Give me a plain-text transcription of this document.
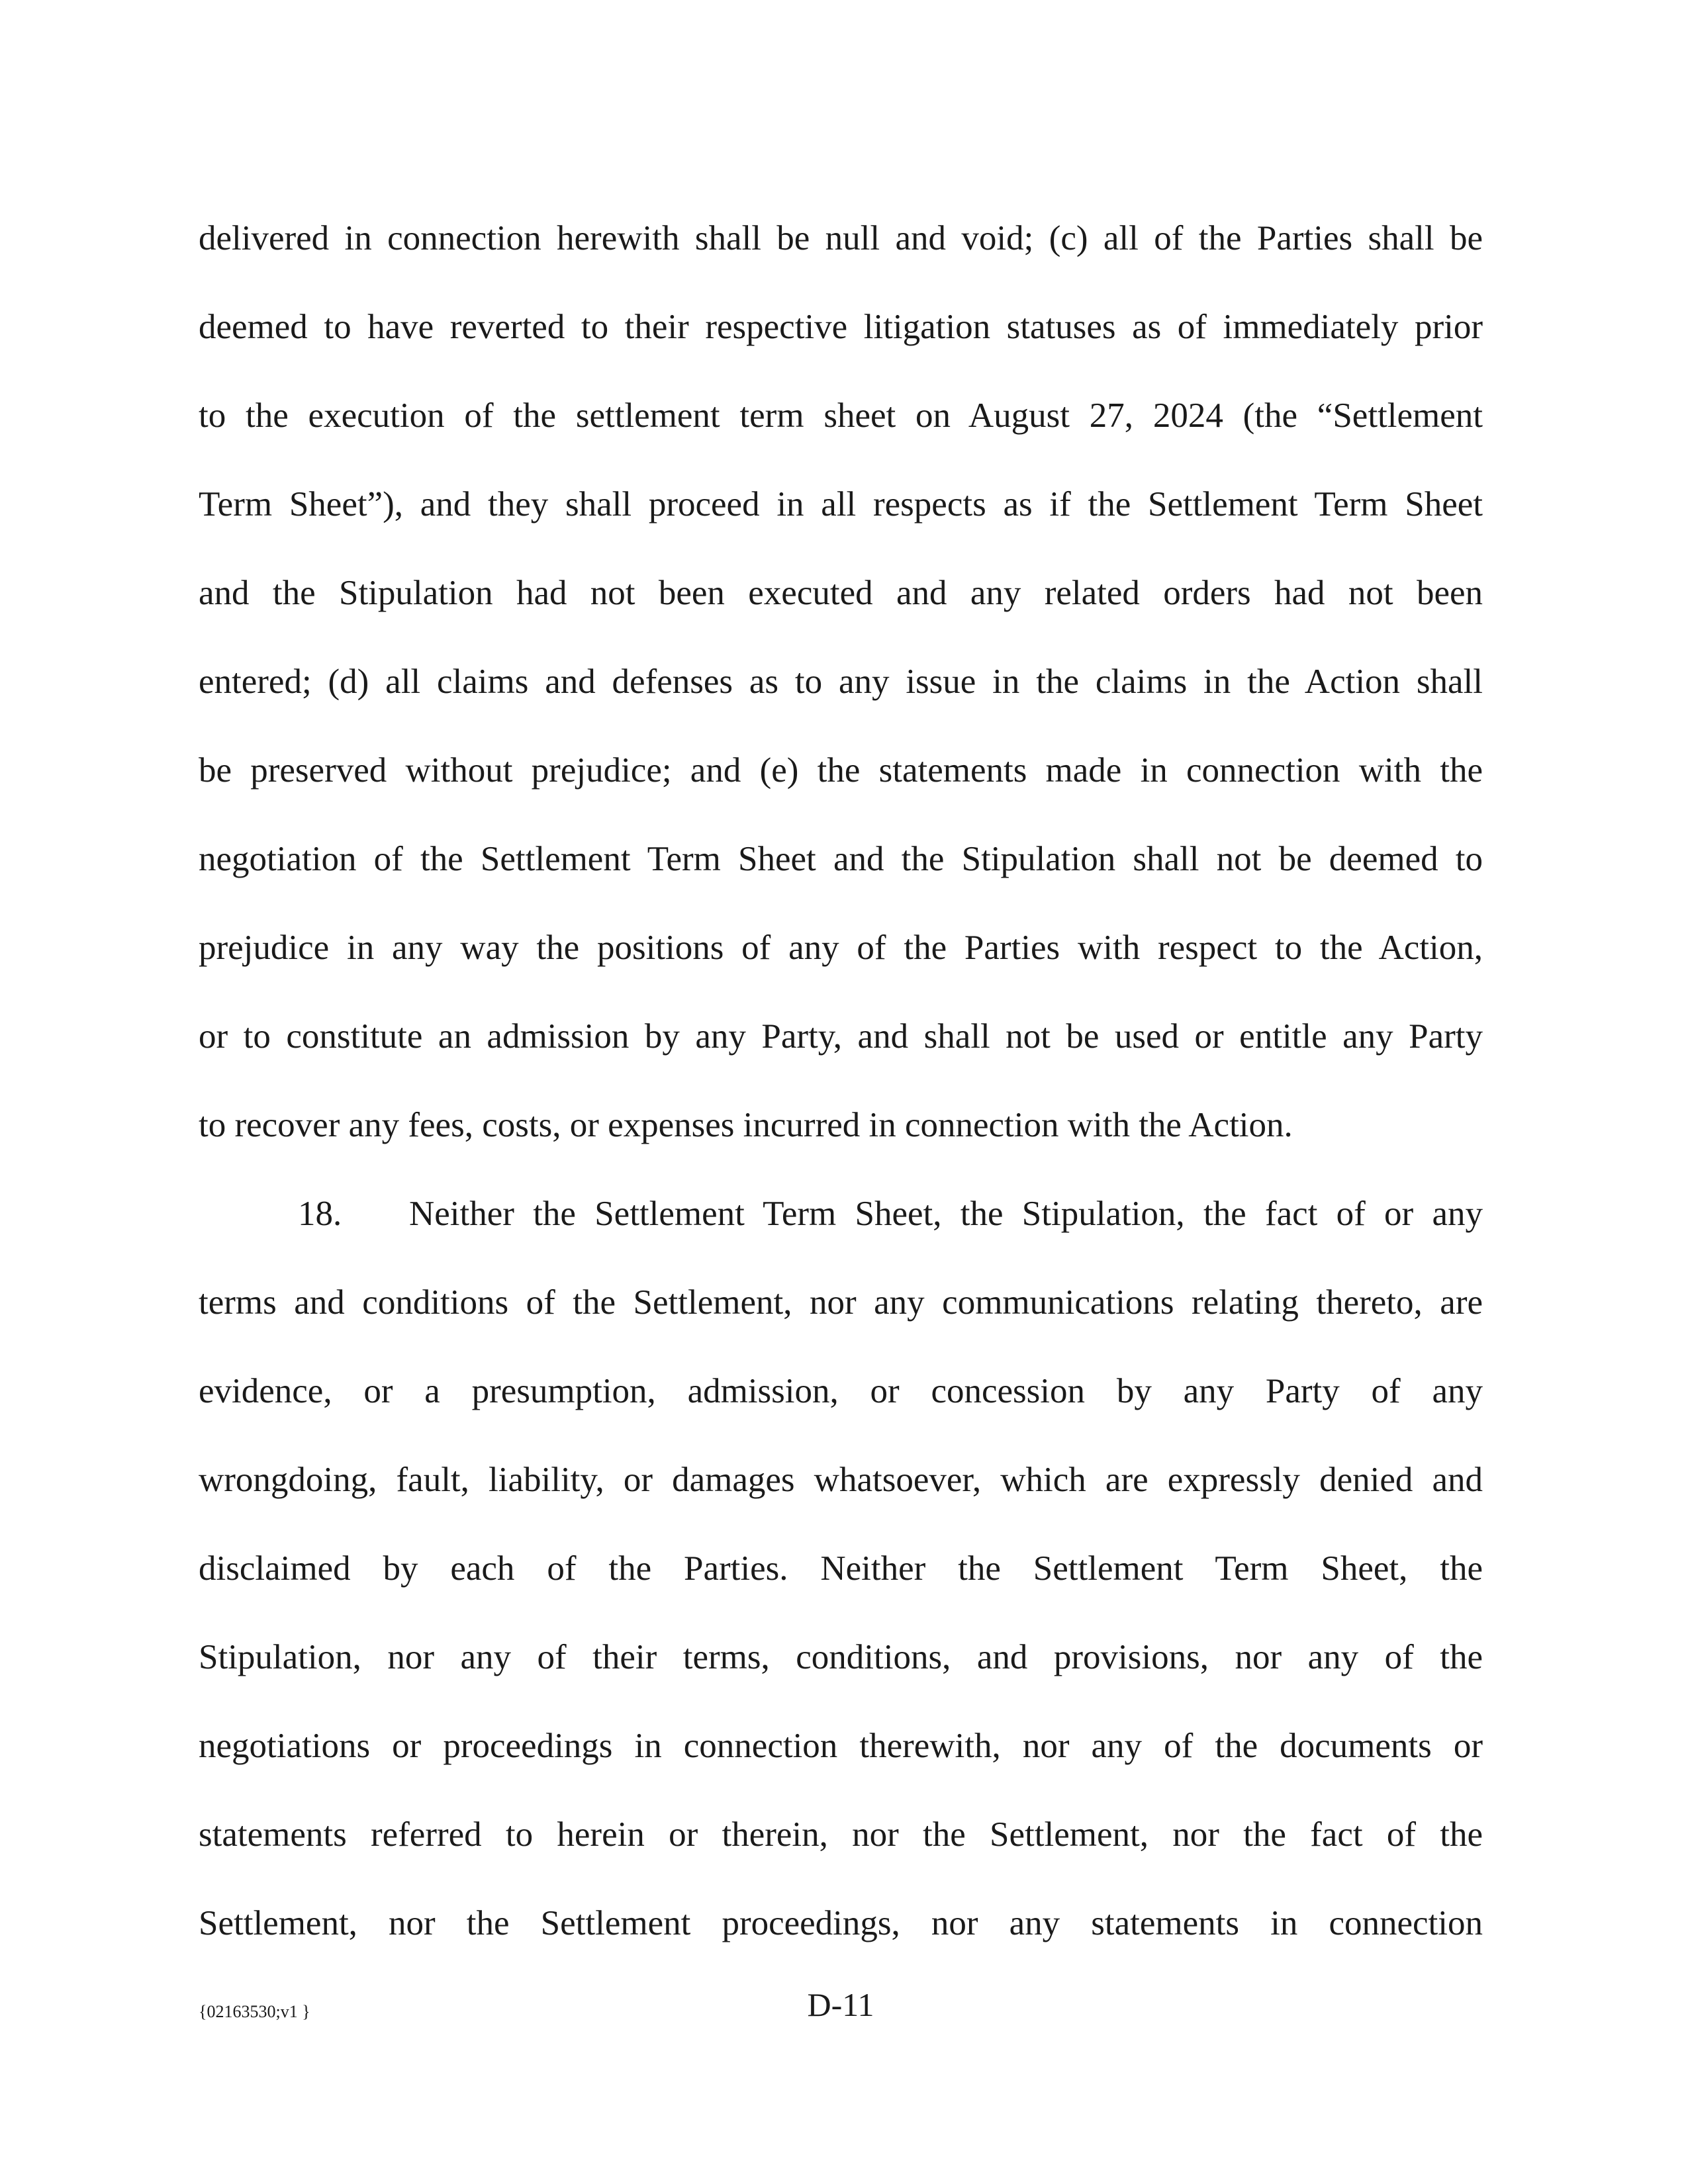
delivered in connection herewith shall be null and void; (c) all of the Parties shall be
deemed to have reverted to their respective litigation statuses as of immediately prior
to the execution of the settlement term sheet on August 27, 2024 (the “Settlement
Term Sheet”), and they shall proceed in all respects as if the Settlement Term Sheet
and the Stipulation had not been executed and any related orders had not been
entered; (d) all claims and defenses as to any issue in the claims in the Action shall
be preserved without prejudice; and (e) the statements made in connection with the
negotiation of the Settlement Term Sheet and the Stipulation shall not be deemed to
prejudice in any way the positions of any of the Parties with respect to the Action,
or to constitute an admission by any Party, and shall not be used or entitle any Party
to recover any fees, costs, or expenses incurred in connection with the Action.
18. Neither the Settlement Term Sheet, the Stipulation, the fact of or any
terms and conditions of the Settlement, nor any communications relating thereto, are
evidence, or a presumption, admission, or concession by any Party of any
wrongdoing, fault, liability, or damages whatsoever, which are expressly denied and
disclaimed by each of the Parties. Neither the Settlement Term Sheet, the
Stipulation, nor any of their terms, conditions, and provisions, nor any of the
negotiations or proceedings in connection therewith, nor any of the documents or
statements referred to herein or therein, nor the Settlement, nor the fact of the
Settlement, nor the Settlement proceedings, nor any statements in connection
{02163530;v1 }	D-11
